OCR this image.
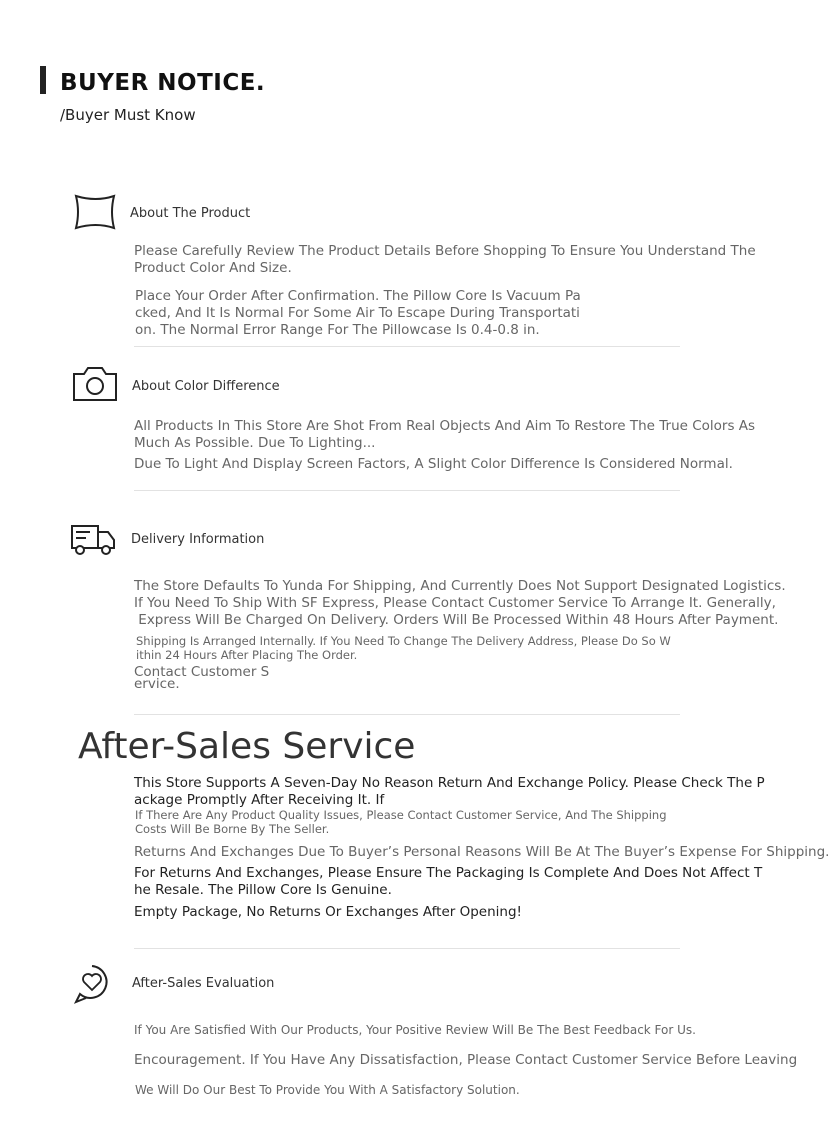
BUYER NOTICE.
/Buyer Must Know
About The Product
Please Carefully Review The Product Details Before Shopping To Ensure You Understand The
Product Color And Size.
Place Your Order After Confirmation. The Pillow Core Is Vacuum Pa
cked, And It Is Normal For Some Air To Escape During Transportati
on. The Normal Error Range For The Pillowcase Is 0.4-0.8 in.
About Color Difference
All Products In This Store Are Shot From Real Objects And Aim To Restore The True Colors As
Much As Possible. Due To Lighting...
Due To Light And Display Screen Factors, A Slight Color Difference Is Considered Normal.
Delivery Information
The Store Defaults To Yunda For Shipping, And Currently Does Not Support Designated Logistics.
If You Need To Ship With SF Express, Please Contact Customer Service To Arrange It. Generally,
Express Will Be Charged On Delivery. Orders Will Be Processed Within 48 Hours After Payment.
Shipping Is Arranged Internally. If You Need To Change The Delivery Address, Please Do So W
ithin 24 Hours After Placing The Order.
Contact Customer S
ervice.
After-Sales Service
This Store Supports A Seven-Day No Reason Return And Exchange Policy. Please Check The P
ackage Promptly After Receiving It. If
If There Are Any Product Quality Issues, Please Contact Customer Service, And The Shipping
Costs Will Be Borne By The Seller.
Returns And Exchanges Due To Buyer’s Personal Reasons Will Be At The Buyer’s Expense For Shipping.
For Returns And Exchanges, Please Ensure The Packaging Is Complete And Does Not Affect T
he Resale. The Pillow Core Is Genuine.
Empty Package, No Returns Or Exchanges After Opening!
After-Sales Evaluation
If You Are Satisfied With Our Products, Your Positive Review Will Be The Best Feedback For Us.
Encouragement. If You Have Any Dissatisfaction, Please Contact Customer Service Before Leaving
We Will Do Our Best To Provide You With A Satisfactory Solution.
